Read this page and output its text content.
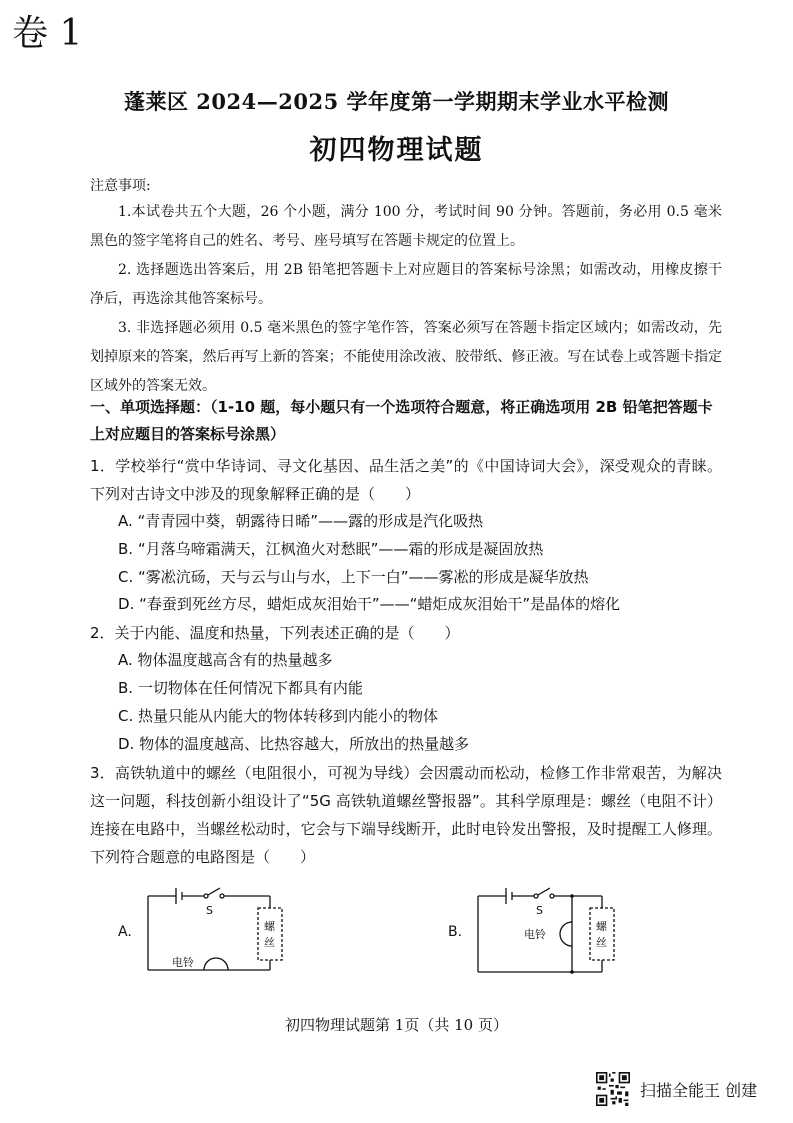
卷 1
蓬莱区 2024—2025 学年度第一学期期末学业水平检测
初四物理试题
注意事项:
1.本试卷共五个大题，26 个小题，满分 100 分，考试时间 90 分钟。答题前，务必用 0.5 毫米黑色的签字笔将自己的姓名、考号、座号填写在答题卡规定的位置上。
2. 选择题选出答案后，用 2B 铅笔把答题卡上对应题目的答案标号涂黑；如需改动，用橡皮擦干净后，再选涂其他答案标号。
3. 非选择题必须用 0.5 毫米黑色的签字笔作答，答案必须写在答题卡指定区域内；如需改动，先划掉原来的答案，然后再写上新的答案；不能使用涂改液、胶带纸、修正液。写在试卷上或答题卡指定区域外的答案无效。
一、单项选择题：（1-10 题，每小题只有一个选项符合题意，将正确选项用 2B 铅笔把答题卡上对应题目的答案标号涂黑）
1．学校举行“赏中华诗词、寻文化基因、品生活之美”的《中国诗词大会》，深受观众的青睐。下列对古诗文中涉及的现象解释正确的是（　　）
A. “青青园中葵，朝露待日晞”——露的形成是汽化吸热
B. “月落乌啼霜满天，江枫渔火对愁眠”——霜的形成是凝固放热
C. “雾凇沆砀，天与云与山与水，上下一白”——雾凇的形成是凝华放热
D. “春蚕到死丝方尽，蜡炬成灰泪始干”——“蜡炬成灰泪始干”是晶体的熔化
2．关于内能、温度和热量，下列表述正确的是（　　）
A. 物体温度越高含有的热量越多
B. 一切物体在任何情况下都具有内能
C. 热量只能从内能大的物体转移到内能小的物体
D. 物体的温度越高、比热容越大，所放出的热量越多
3．高铁轨道中的螺丝（电阻很小，可视为导线）会因震动而松动，检修工作非常艰苦，为解决这一问题，科技创新小组设计了“5G 高铁轨道螺丝警报器”。其科学原理是：螺丝（电阻不计）连接在电路中，当螺丝松动时，它会与下端导线断开，此时电铃发出警报，及时提醒工人修理。下列符合题意的电路图是（　　）
S
螺
丝
电铃
A.
S
螺
丝
电铃
B.
初四物理试题第 1页（共 10 页）
扫描全能王 创建
